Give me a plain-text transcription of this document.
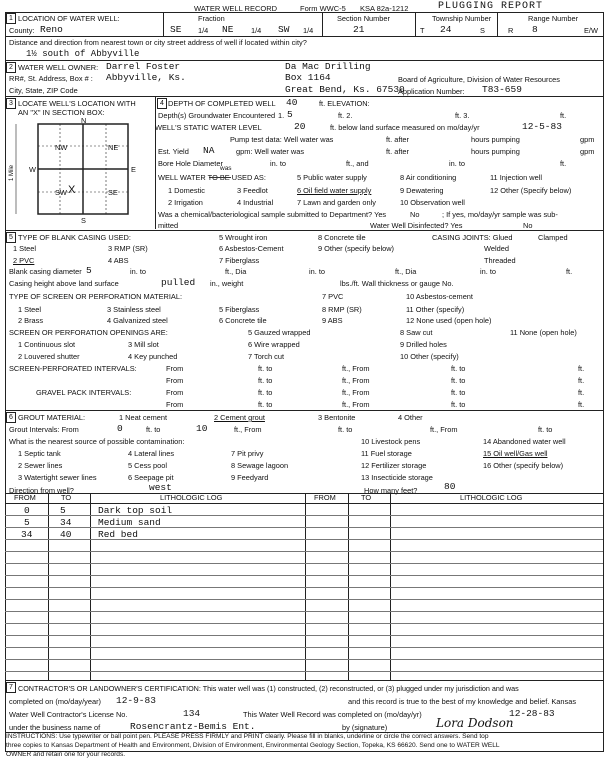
WATER WELL RECORD	Form WWC-5 KSA 82a-1212	PLUGGING REPORT
1 LOCATION OF WATER WELL:
County: Reno
Fraction
SE 1/4 NE 1/4 SW 1/4
Section Number
21
Township Number
T 24	S
Range Number
R 8	E/W
Distance and direction from nearest town or city street address of well if located within city?
1½ south of Abbyville
2 WATER WELL OWNER: Darrel Foster	Da Mac Drilling
RR#, St. Address, Box # : Abbyville, Ks.	Box 1164	Board of Agriculture, Division of Water Resources
City, State, ZIP Code	Great Bend, Ks. 67530
Application Number: T83-659
3 LOCATE WELL'S LOCATION WITH
AN "X" IN SECTION BOX:
N
S
W	E
NW	NE
SW	SE
X
1 Mile
4 DEPTH OF COMPLETED WELL 40	ft. ELEVATION:
Depth(s) Groundwater Encountered 1. 5	ft. 2.	ft. 3.	ft.
WELL'S STATIC WATER LEVEL	20	ft. below land surface measured on mo/day/yr	12-5-83
Pump test data: Well water was	ft. after	hours pumping	gpm
Est. Yield NA	gpm: Well water was	ft. after	hours pumping	gpm
Bore Hole Diameter	in. to	ft., and	in. to	ft.
WELL WATER TO BE USED AS:
was
1 Domestic
2 Irrigation
3 Feedlot
4 Industrial
5 Public water supply
6 Oil field water supply
7 Lawn and garden only
8 Air conditioning
9 Dewatering
10 Observation well
11 Injection well
12 Other (Specify below)
Was a chemical/bacteriological sample submitted to Department? Yes	No	; If yes, mo/day/yr sample was sub-
mitted	Water Well Disinfected? Yes	No
5 TYPE OF BLANK CASING USED:
1 Steel
2 PVC
3 RMP (SR)
4 ABS
5 Wrought iron
6 Asbestos-Cement
7 Fiberglass
8 Concrete tile
9 Other (specify below)
CASING JOINTS: Glued	Clamped
Welded
Threaded
Blank casing diameter 5	in. to	ft., Dia	in. to	ft., Dia	in. to	ft.
Casing height above land surface	pulled in., weight	lbs./ft. Wall thickness or gauge No.
TYPE OF SCREEN OR PERFORATION MATERIAL:
1 Steel
2 Brass
3 Stainless steel
4 Galvanized steel
5 Fiberglass
6 Concrete tile
7 PVC
8 RMP (SR)
9 ABS
10 Asbestos-cement
11 Other (specify)
12 None used (open hole)
SCREEN OR PERFORATION OPENINGS ARE:
1 Continuous slot
2 Louvered shutter
3 Mill slot
4 Key punched
5 Gauzed wrapped
6 Wire wrapped
7 Torch cut
8 Saw cut
9 Drilled holes
10 Other (specify)
11 None (open hole)
SCREEN-PERFORATED INTERVALS:	From	ft. to	ft., From	ft. to	ft.
From	ft. to	ft., From	ft. to	ft.
GRAVEL PACK INTERVALS:	From	ft. to	ft., From	ft. to	ft.
From	ft. to	ft., From	ft. to	ft.
6 GROUT MATERIAL:	1 Neat cement	2 Cement grout	3 Bentonite	4 Other
Grout Intervals: From	0	ft. to	10	ft., From	ft. to	ft., From	ft. to
What is the nearest source of possible contamination:
1 Septic tank
2 Sewer lines
3 Watertight sewer lines
4 Lateral lines
5 Cess pool
6 Seepage pit
7 Pit privy
8 Sewage lagoon
9 Feedyard
10 Livestock pens
11 Fuel storage
12 Fertilizer storage
13 Insecticide storage
14 Abandoned water well
15 Oil well/Gas well
16 Other (specify below)
west
Direction from well?	How many feet?	80
FROM	TO	LITHOLOGIC LOG	FROM	TO	LITHOLOGIC LOG
0	5	Dark top soil
5	34	Medium sand
34	40	Red bed
7 CONTRACTOR'S OR LANDOWNER'S CERTIFICATION: This water well was (1) constructed, (2) reconstructed, or (3) plugged under my jurisdiction and was
completed on (mo/day/year) 12-9-83	and this record is true to the best of my knowledge and belief. Kansas
Water Well Contractor's License No.	134	This Water Well Record was completed on (mo/day/yr)	12-28-83
under the business name of	Rosencrantz-Bemis Ent.	by (signature)	Lora Dodson
INSTRUCTIONS: Use typewriter or ball point pen. PLEASE PRESS FIRMLY and PRINT clearly. Please fill in blanks, underline or circle the correct answers. Send top
three copies to Kansas Department of Health and Environment, Division of Environment, Environmental Geology Section, Topeka, KS 66620. Send one to WATER WELL
OWNER and retain one for your records.
